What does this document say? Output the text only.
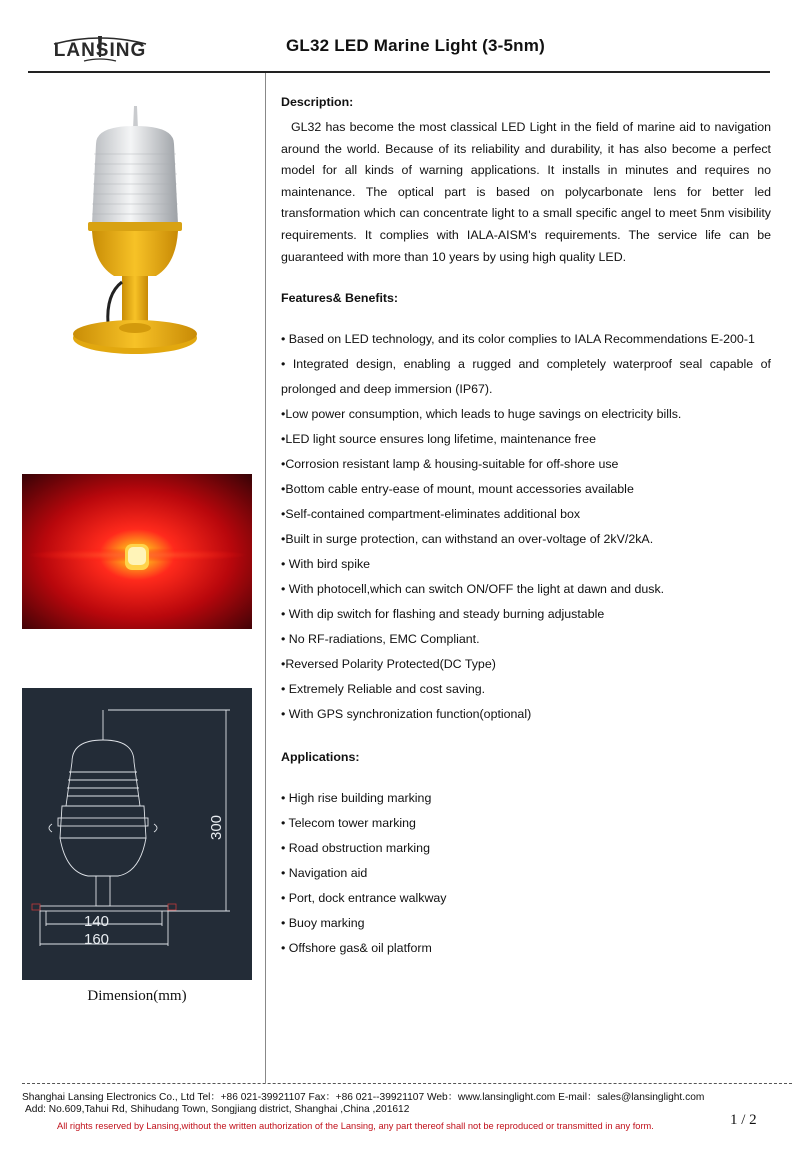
LANSING	GL32 LED Marine Light (3-5nm)
140
160
300
Dimension(mm)
Description:

GL32 has become the most classical LED Light in the field of marine aid to navigation around the world. Because of its reliability and durability, it has also become a perfect model for all kinds of warning applications. It installs in minutes and requires no maintenance. The optical part is based on polycarbonate lens for better led transformation which can concentrate light to a small specific angel to meet 5nm visibility requirements. It complies with IALA-AISM's requirements. The service life can be guaranteed with more than 10 years by using high quality LED.

Features& Benefits:

• Based on LED technology, and its color complies to IALA Recommendations E-200-1

• Integrated design, enabling a rugged and completely waterproof seal capable of prolonged and deep immersion (IP67).

•Low power consumption, which leads to huge savings on electricity bills.

•LED light source ensures long lifetime, maintenance free

•Corrosion resistant lamp & housing-suitable for off-shore use

•Bottom cable entry-ease of mount, mount accessories available

•Self-contained compartment-eliminates additional box

•Built in surge protection, can withstand an over-voltage of 2kV/2kA.

• With bird spike

• With photocell,which can switch ON/OFF the light at dawn and dusk.

• With dip switch for flashing and steady burning adjustable

• No RF-radiations, EMC Compliant.

•Reversed Polarity Protected(DC Type)

• Extremely Reliable and cost saving.

• With GPS synchronization function(optional)

Applications:

• High rise building marking

• Telecom tower marking

• Road obstruction marking

• Navigation aid

• Port, dock entrance walkway

• Buoy marking

• Offshore gas& oil platform

Shanghai Lansing Electronics Co., Ltd Tel：+86 021-39921107 Fax：+86 021--39921107 Web：www.lansinglight.com E-mail：sales@lansinglight.com
Add: No.609,Tahui Rd, Shihudang Town, Songjiang district, Shanghai ,China ,201612
All rights reserved by Lansing,without the written authorization of the Lansing, any part thereof shall not be reproduced or transmitted in any form.	1 / 2
